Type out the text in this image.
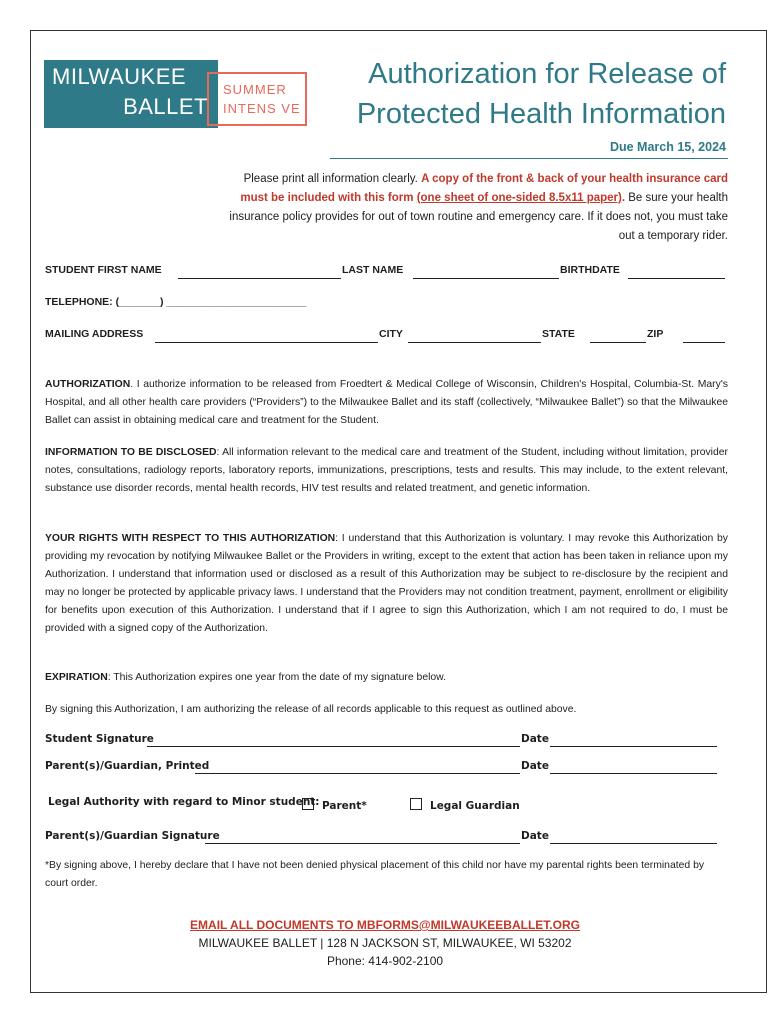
MILWAUKEE
BALLET
SUMMER
INTENS VE
Authorization for Release of
Protected Health Information
Due March 15, 2024
Please print all information clearly. A copy of the front & back of your health insurance card must be included with this form (one sheet of one-sided 8.5x11 paper). Be sure your health insurance policy provides for out of town routine and emergency care. If it does not, you must take out a temporary rider.
STUDENT FIRST NAME	LAST NAME	BIRTHDATE
TELEPHONE: (_______) ________________________
MAILING ADDRESS	CITY	STATE	ZIP
AUTHORIZATION. I authorize information to be released from Froedtert & Medical College of Wisconsin, Children's Hospital, Columbia-St. Mary's Hospital, and all other health care providers (“Providers”) to the Milwaukee Ballet and its staff (collectively, “Milwaukee Ballet”) so that the Milwaukee Ballet can assist in obtaining medical care and treatment for the Student.
INFORMATION TO BE DISCLOSED: All information relevant to the medical care and treatment of the Student, including without limitation, provider notes, consultations, radiology reports, laboratory reports, immunizations, prescriptions, tests and results. This may include, to the extent relevant, substance use disorder records, mental health records, HIV test results and related treatment, and genetic information.
YOUR RIGHTS WITH RESPECT TO THIS AUTHORIZATION: I understand that this Authorization is voluntary. I may revoke this Authorization by providing my revocation by notifying Milwaukee Ballet or the Providers in writing, except to the extent that action has been taken in reliance upon my Authorization. I understand that information used or disclosed as a result of this Authorization may be subject to re-disclosure by the recipient and may no longer be protected by applicable privacy laws. I understand that the Providers may not condition treatment, payment, enrollment or eligibility for benefits upon execution of this Authorization. I understand that if I agree to sign this Authorization, which I am not required to do, I must be provided with a signed copy of the Authorization.
EXPIRATION: This Authorization expires one year from the date of my signature below.
By signing this Authorization, I am authorizing the release of all records applicable to this request as outlined above.
Student Signature	Date
Parent(s)/Guardian, Printed	Date
Legal Authority with regard to Minor student: Parent*	Legal Guardian
Parent(s)/Guardian Signature	Date
*By signing above, I hereby declare that I have not been denied physical placement of this child nor have my parental rights been terminated by court order.
EMAIL ALL DOCUMENTS TO MBFORMS@MILWAUKEEBALLET.ORG
MILWAUKEE BALLET | 128 N JACKSON ST, MILWAUKEE, WI 53202
Phone: 414-902-2100
